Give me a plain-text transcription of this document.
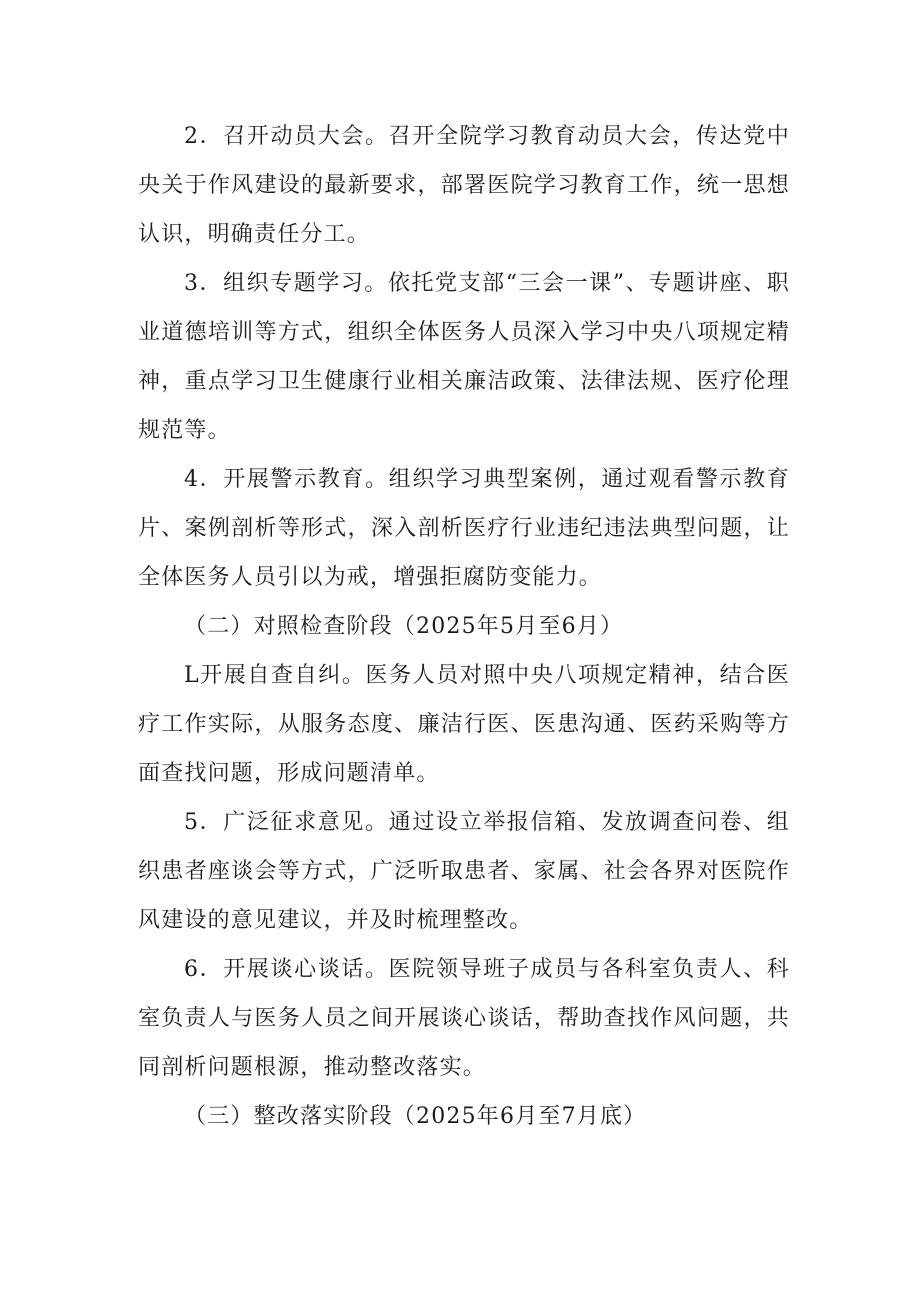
2．召开动员大会。召开全院学习教育动员大会，传达党中央关于作风建设的最新要求，部署医院学习教育工作，统一思想认识，明确责任分工。

3．组织专题学习。依托党支部“三会一课”、专题讲座、职业道德培训等方式，组织全体医务人员深入学习中央八项规定精神，重点学习卫生健康行业相关廉洁政策、法律法规、医疗伦理规范等。

4．开展警示教育。组织学习典型案例，通过观看警示教育片、案例剖析等形式，深入剖析医疗行业违纪违法典型问题，让全体医务人员引以为戒，增强拒腐防变能力。

（二）对照检查阶段（2025年5月至6月）

L开展自查自纠。医务人员对照中央八项规定精神，结合医疗工作实际，从服务态度、廉洁行医、医患沟通、医药采购等方面查找问题，形成问题清单。

5．广泛征求意见。通过设立举报信箱、发放调查问卷、组织患者座谈会等方式，广泛听取患者、家属、社会各界对医院作风建设的意见建议，并及时梳理整改。

6．开展谈心谈话。医院领导班子成员与各科室负责人、科室负责人与医务人员之间开展谈心谈话，帮助查找作风问题，共同剖析问题根源，推动整改落实。

（三）整改落实阶段（2025年6月至7月底）
